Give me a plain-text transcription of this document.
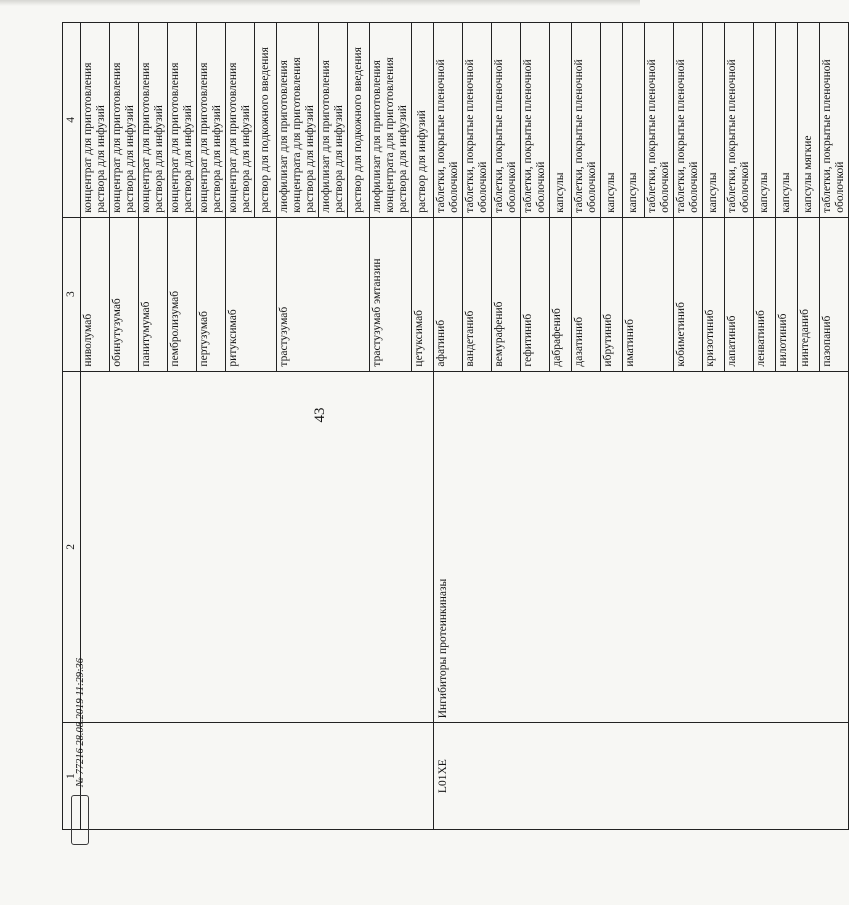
43
1	2	3	4
		ниволумаб	концентрат для приготовления раствора для инфузий
		обинутузумаб	концентрат для приготовления раствора для инфузий
		панитумумаб	концентрат для приготовления раствора для инфузий
		пембролизумаб	концентрат для приготовления раствора для инфузий
		пертузумаб	концентрат для приготовления раствора для инфузий
		ритуксимаб	концентрат для приготовления раствора для инфузий
			раствор для подкожного введения
		трастузумаб	лиофилизат для приготовления концентрата для приготовления раствора для инфузий
			лиофилизат для приготовления раствора для инфузий
			раствор для подкожного введения
		трастузумаб эмтанзин	лиофилизат для приготовления концентрата для приготовления раствора для инфузий
		цетуксимаб	раствор для инфузий
L01XE	Ингибиторы протеинкиназы	афатиниб	таблетки, покрытые пленочной оболочкой
		вандетаниб	таблетки, покрытые пленочной оболочкой
		вемурафениб	таблетки, покрытые пленочной оболочкой
		гефитиниб	таблетки, покрытые пленочной оболочкой
		дабрафениб	капсулы
		дазатиниб	таблетки, покрытые пленочной оболочкой
		ибрутиниб	капсулы
		иматиниб	капсулы
			таблетки, покрытые пленочной оболочкой
		кобиметиниб	таблетки, покрытые пленочной оболочкой
		кризотиниб	капсулы
		лапатиниб	таблетки, покрытые пленочной оболочкой
		ленватиниб	капсулы
		нилотиниб	капсулы
		нинтеданиб	капсулы мягкие
		пазопаниб	таблетки, покрытые пленочной оболочкой
№ 77216 28.08.2019 11:29:36
